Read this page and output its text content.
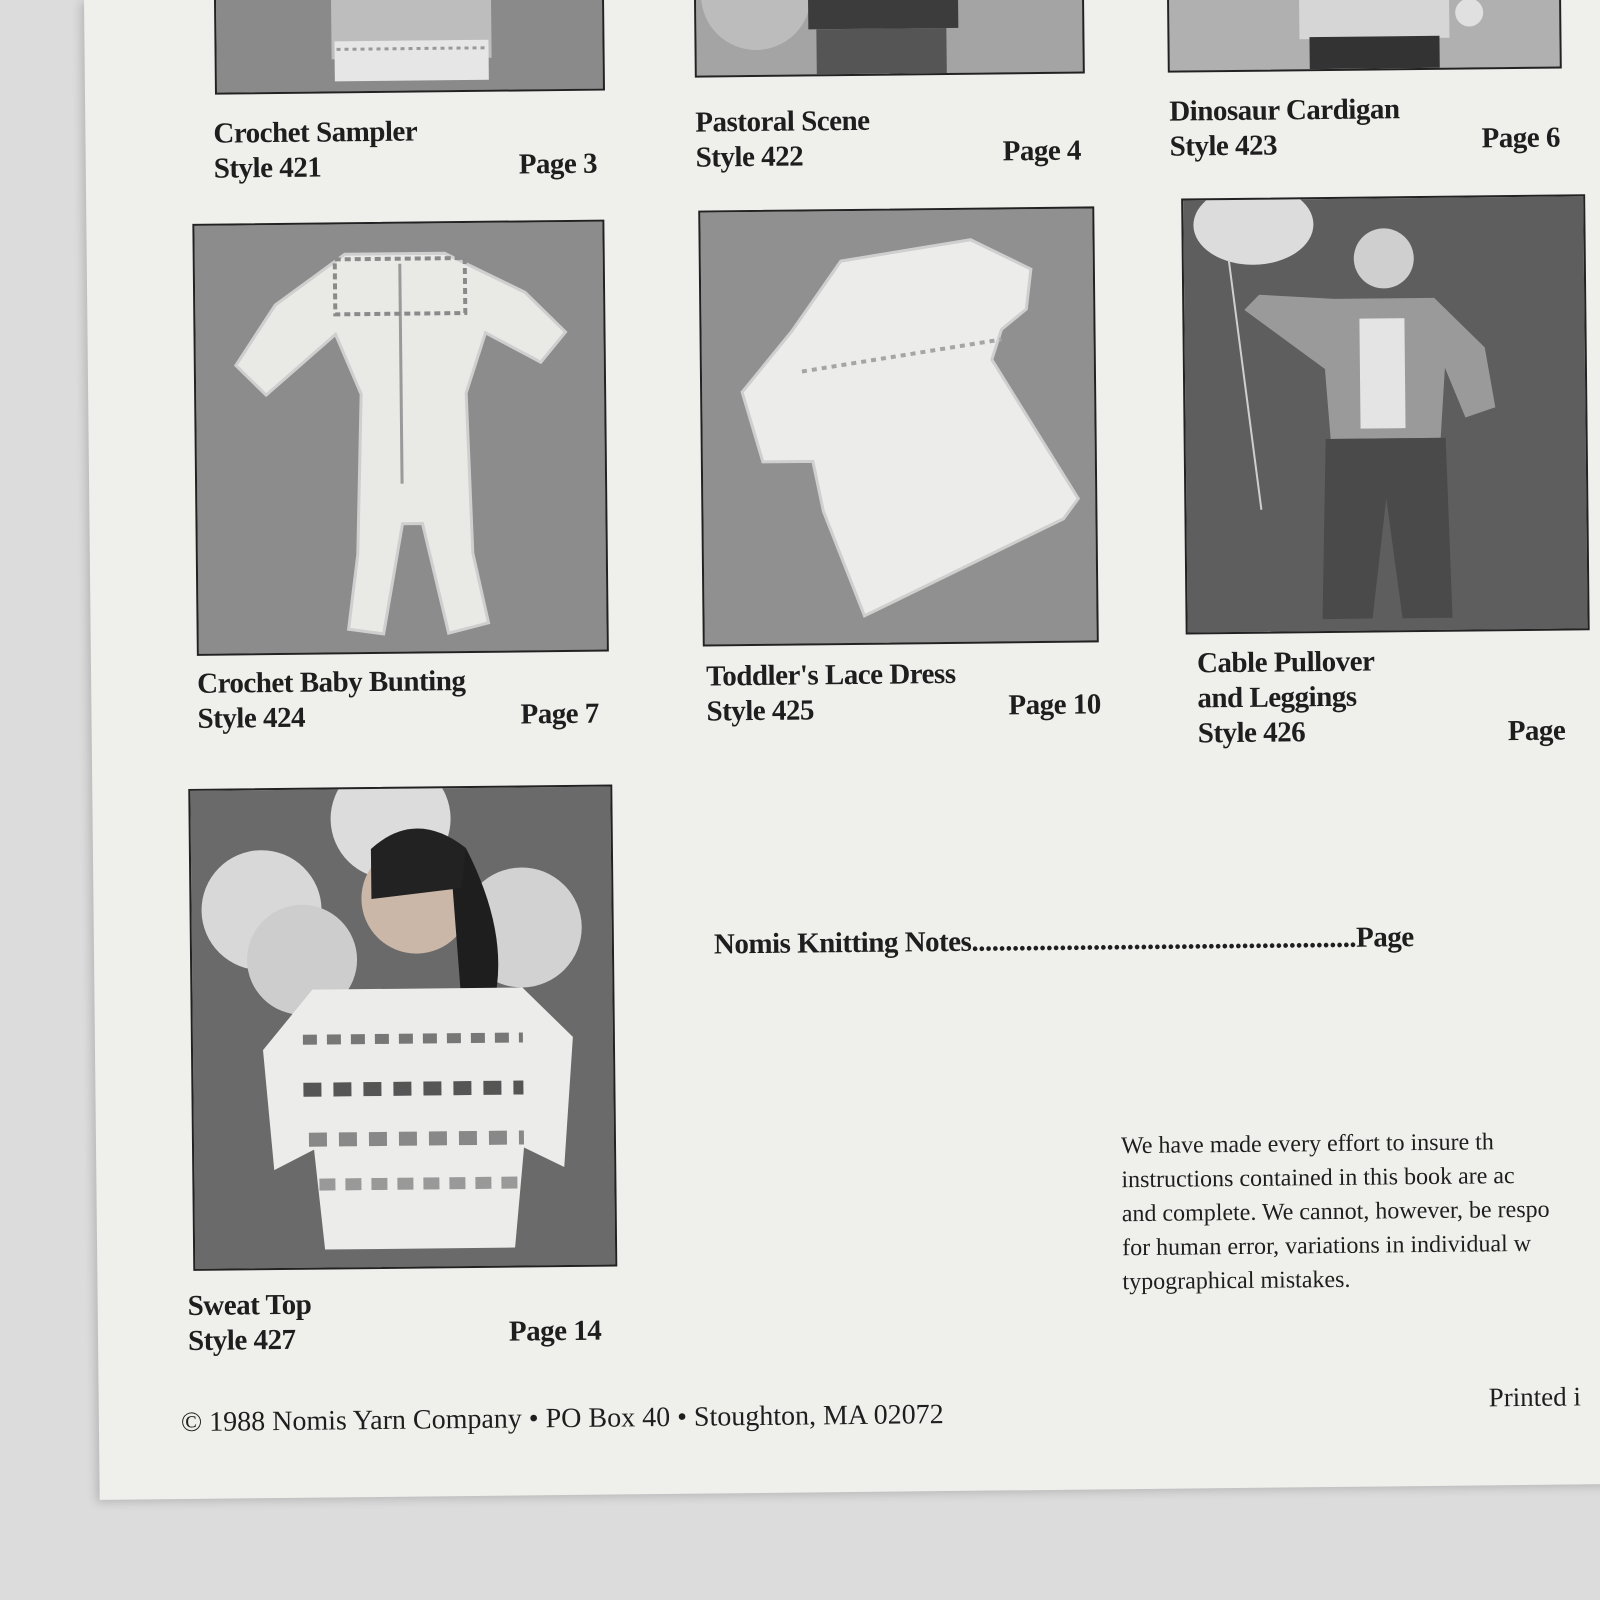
Crochet Sampler
Style 421	Page 3
Pastoral Scene
Style 422	Page 4
Dinosaur Cardigan
Style 423	Page 6
Crochet Baby Bunting
Style 424	Page 7
Toddler's Lace Dress
Style 425	Page 10
Cable Pullover
and Leggings
Style 426	Page
Sweat Top
Style 427	Page 14
Nomis Knitting Notes.........................................................Page
We have made every effort to insure th
instructions contained in this book are ac
and complete. We cannot, however, be respo
for human error, variations in individual w
typographical mistakes.
© 1988 Nomis Yarn Company • PO Box 40 • Stoughton, MA 02072
Printed i
